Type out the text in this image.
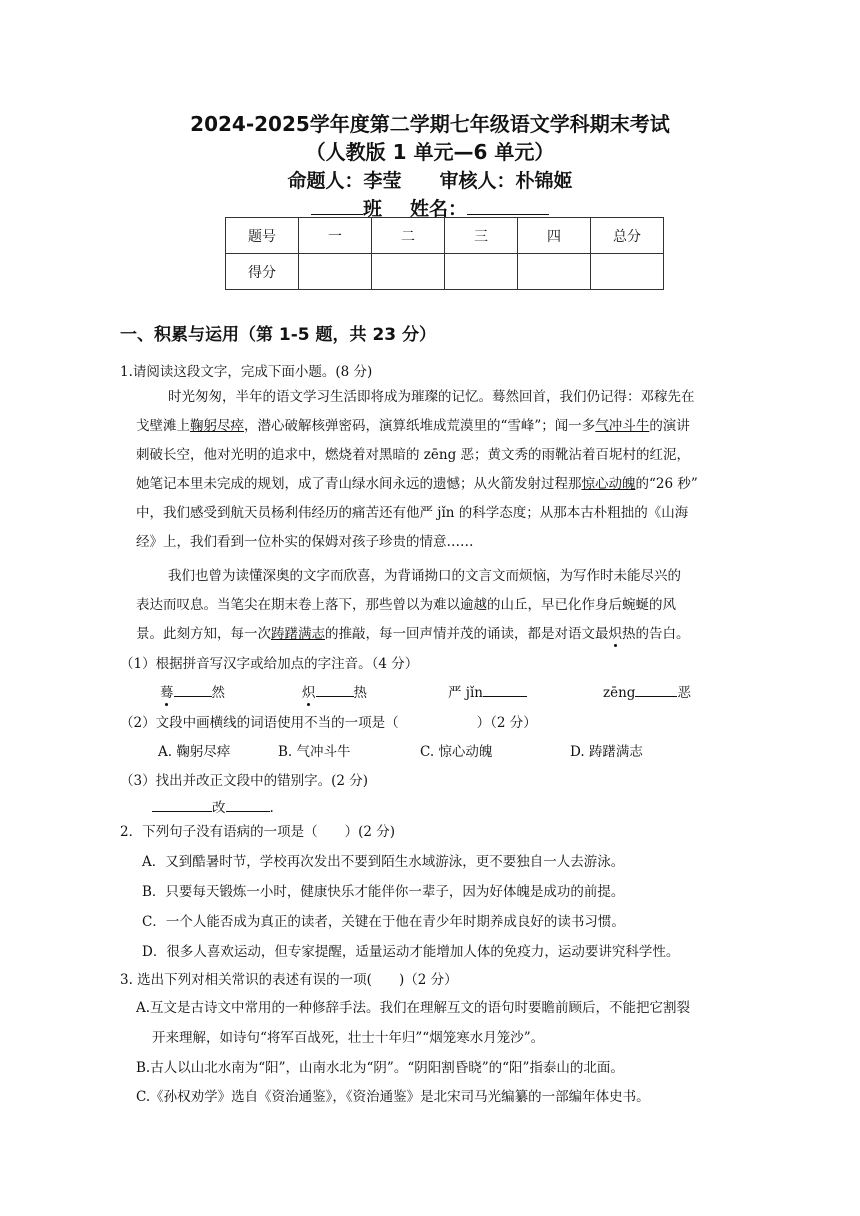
2024-2025学年度第二学期七年级语文学科期末考试
（人教版 1 单元—6 单元）
命题人：李莹　　审核人：朴锦姬
班 姓名：
题号	一	二	三	四	总分
得分					
一、积累与运用（第 1-5 题，共 23 分）
1.请阅读这段文字，完成下面小题。(8 分)
时光匆匆，半年的语文学习生活即将成为璀璨的记忆。蓦然回首，我们仍记得：邓稼先在
戈壁滩上鞠躬尽瘁，潜心破解核弹密码，演算纸堆成荒漠里的“雪峰”；闻一多气冲斗牛的演讲
刺破长空，他对光明的追求中，燃烧着对黑暗的 zēng 恶；黄文秀的雨靴沾着百坭村的红泥，
她笔记本里未完成的规划，成了青山绿水间永远的遗憾；从火箭发射过程那惊心动魄的“26 秒”
中，我们感受到航天员杨利伟经历的痛苦还有他严 jǐn 的科学态度；从那本古朴粗拙的《山海
经》上，我们看到一位朴实的保姆对孩子珍贵的情意……
我们也曾为读懂深奥的文字而欣喜，为背诵拗口的文言文而烦恼，为写作时未能尽兴的
表达而叹息。当笔尖在期末卷上落下，那些曾以为难以逾越的山丘，早已化作身后蜿蜒的风
景。此刻方知，每一次踌躇满志的推敲，每一回声情并茂的诵读，都是对语文最炽热的告白。
（1）根据拼音写汉字或给加点的字注音。（4 分）
蓦	然	炽	热	严 jǐn	zēng	恶
（2）文段中画横线的词语使用不当的一项是（	）（2 分）
A. 鞠躬尽瘁	B. 气冲斗牛	C. 惊心动魄	D. 踌躇满志
（3）找出并改正文段中的错别字。(2 分)
改	.
2．下列句子没有语病的一项是（　　）(2 分)
A．又到酷暑时节，学校再次发出不要到陌生水域游泳，更不要独自一人去游泳。
B．只要每天锻炼一小时，健康快乐才能伴你一辈子，因为好体魄是成功的前提。
C．一个人能否成为真正的读者，关键在于他在青少年时期养成良好的读书习惯。
D．很多人喜欢运动，但专家提醒，适量运动才能增加人体的免疫力，运动要讲究科学性。
3. 选出下列对相关常识的表述有误的一项(　　)（2 分）
A.互文是古诗文中常用的一种修辞手法。我们在理解互文的语句时要瞻前顾后，不能把它割裂
开来理解，如诗句“将军百战死，壮士十年归”“烟笼寒水月笼沙”。
B.古人以山北水南为“阳”，山南水北为“阴”。“阴阳割昏晓”的“阳”指泰山的北面。
C.《孙权劝学》选自《资治通鉴》，《资治通鉴》是北宋司马光编纂的一部编年体史书。
